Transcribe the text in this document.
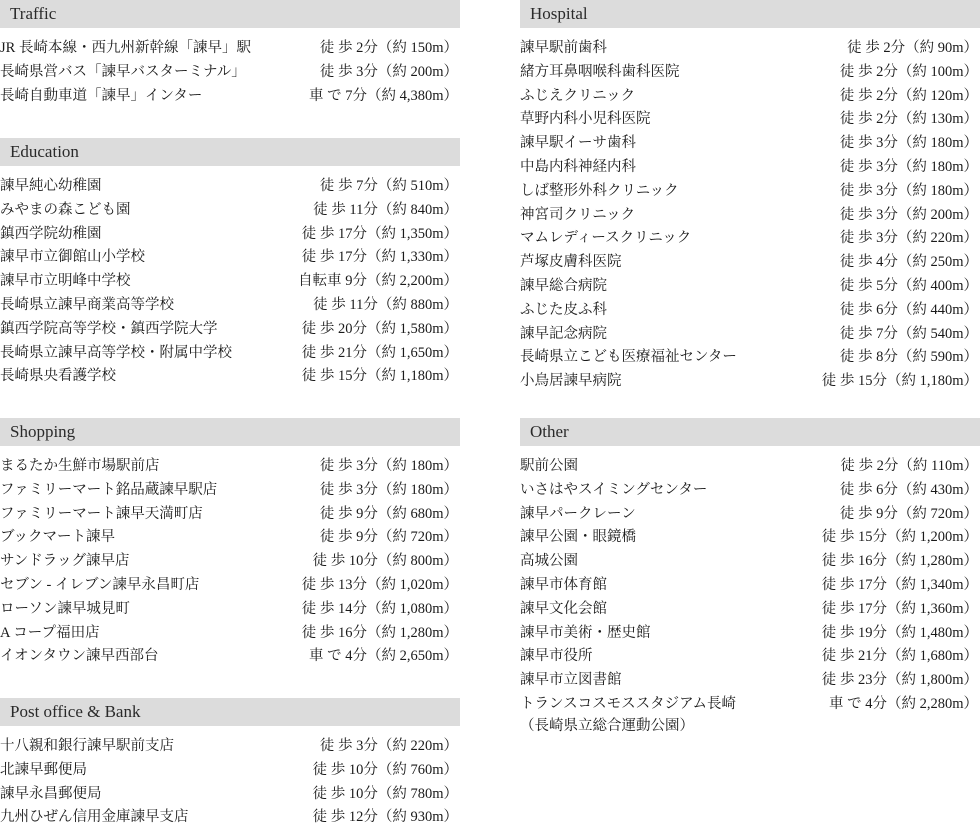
Traffic
JR 長崎本線・西九州新幹線「諫早」駅	徒 歩 2分（約 150m）
長崎県営バス「諫早バスターミナル」	徒 歩 3分（約 200m）
長崎自動車道「諫早」インター	車 で 7分（約 4,380m）
Education
諫早純心幼稚園	徒 歩 7分（約 510m）
みやまの森こども園	徒 歩 11分（約 840m）
鎮西学院幼稚園	徒 歩 17分（約 1,350m）
諫早市立御館山小学校	徒 歩 17分（約 1,330m）
諫早市立明峰中学校	自転車 9分（約 2,200m）
長崎県立諫早商業高等学校	徒 歩 11分（約 880m）
鎮西学院高等学校・鎮西学院大学	徒 歩 20分（約 1,580m）
長崎県立諫早高等学校・附属中学校	徒 歩 21分（約 1,650m）
長崎県央看護学校	徒 歩 15分（約 1,180m）
Shopping
まるたか生鮮市場駅前店	徒 歩 3分（約 180m）
ファミリーマート銘品蔵諫早駅店	徒 歩 3分（約 180m）
ファミリーマート諫早天満町店	徒 歩 9分（約 680m）
ブックマート諫早	徒 歩 9分（約 720m）
サンドラッグ諫早店	徒 歩 10分（約 800m）
セブン - イレブン諫早永昌町店	徒 歩 13分（約 1,020m）
ローソン諫早城見町	徒 歩 14分（約 1,080m）
A コープ福田店	徒 歩 16分（約 1,280m）
イオンタウン諫早西部台	車 で 4分（約 2,650m）
Post office & Bank
十八親和銀行諫早駅前支店	徒 歩 3分（約 220m）
北諫早郵便局	徒 歩 10分（約 760m）
諫早永昌郵便局	徒 歩 10分（約 780m）
九州ひぜん信用金庫諫早支店	徒 歩 12分（約 930m）
Hospital
諫早駅前歯科	徒 歩 2分（約 90m）
緒方耳鼻咽喉科歯科医院	徒 歩 2分（約 100m）
ふじえクリニック	徒 歩 2分（約 120m）
草野内科小児科医院	徒 歩 2分（約 130m）
諫早駅イーサ歯科	徒 歩 3分（約 180m）
中島内科神経内科	徒 歩 3分（約 180m）
しば整形外科クリニック	徒 歩 3分（約 180m）
神宮司クリニック	徒 歩 3分（約 200m）
マムレディースクリニック	徒 歩 3分（約 220m）
芦塚皮膚科医院	徒 歩 4分（約 250m）
諫早総合病院	徒 歩 5分（約 400m）
ふじた皮ふ科	徒 歩 6分（約 440m）
諫早記念病院	徒 歩 7分（約 540m）
長崎県立こども医療福祉センター	徒 歩 8分（約 590m）
小鳥居諫早病院	徒 歩 15分（約 1,180m）
Other
駅前公園	徒 歩 2分（約 110m）
いさはやスイミングセンター	徒 歩 6分（約 430m）
諫早パークレーン	徒 歩 9分（約 720m）
諫早公園・眼鏡橋	徒 歩 15分（約 1,200m）
高城公園	徒 歩 16分（約 1,280m）
諫早市体育館	徒 歩 17分（約 1,340m）
諫早文化会館	徒 歩 17分（約 1,360m）
諫早市美術・歴史館	徒 歩 19分（約 1,480m）
諫早市役所	徒 歩 21分（約 1,680m）
諫早市立図書館	徒 歩 23分（約 1,800m）
トランスコスモススタジアム長崎
（長崎県立総合運動公園）
車 で 4分（約 2,280m）
